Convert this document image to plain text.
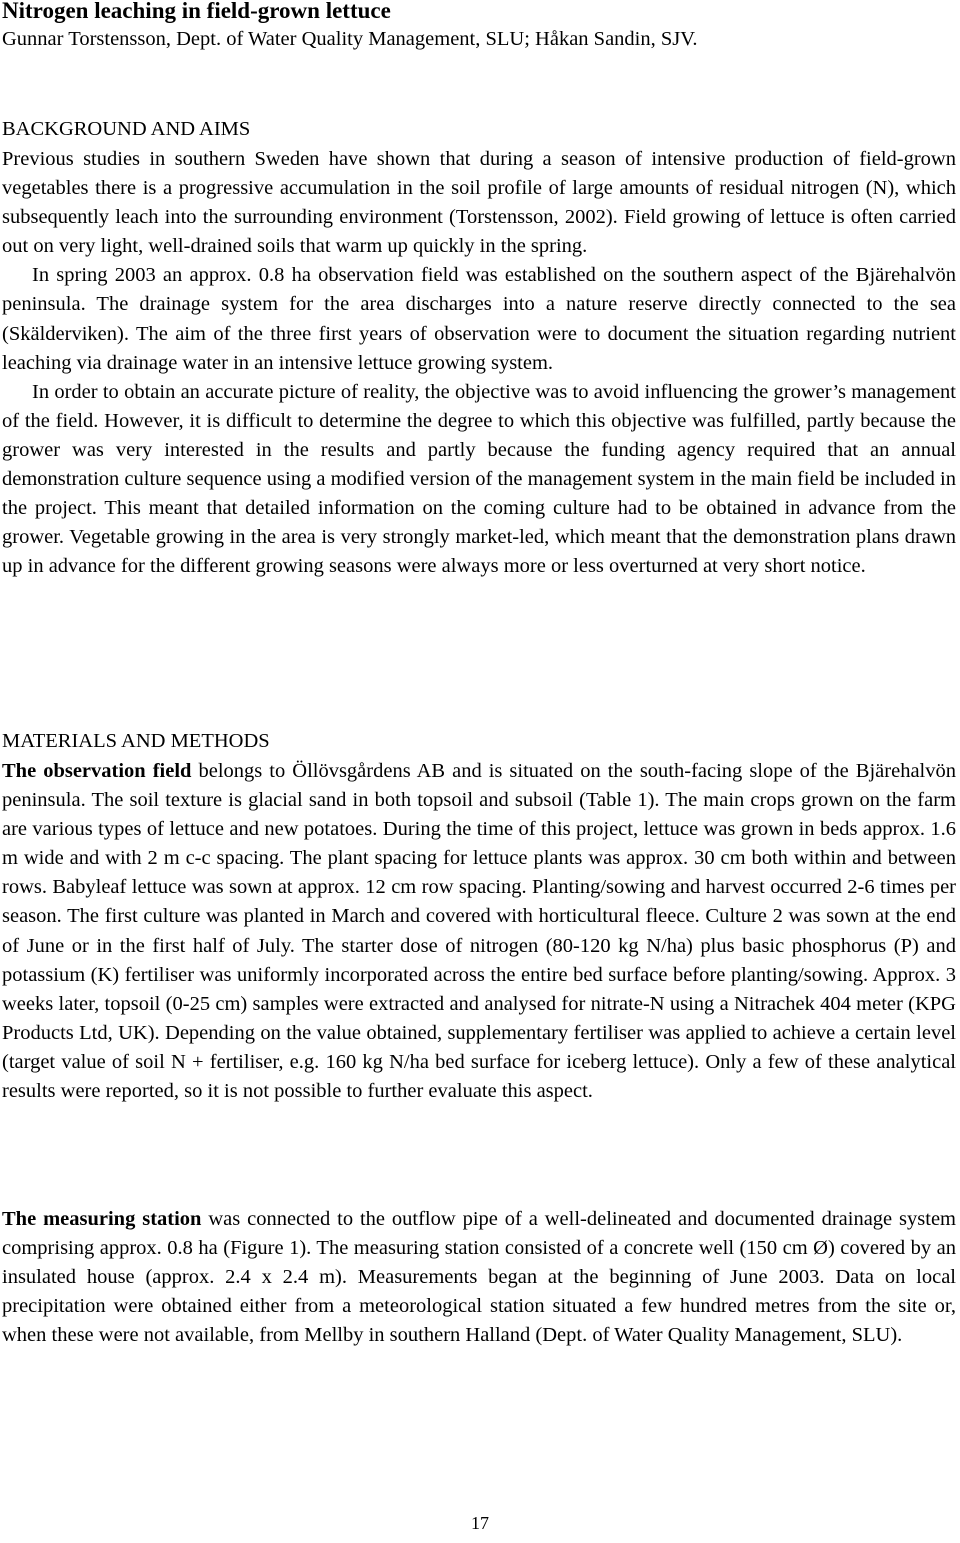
Nitrogen leaching in field-grown lettuce
Gunnar Torstensson, Dept. of Water Quality Management, SLU; Håkan Sandin, SJV.
BACKGROUND AND AIMS

Previous studies in southern Sweden have shown that during a season of intensive production of field-grown vegetables there is a progressive accumulation in the soil profile of large amounts of residual nitrogen (N), which subsequently leach into the surrounding environment (Torstensson, 2002). Field growing of lettuce is often carried out on very light, well-drained soils that warm up quickly in the spring.

In spring 2003 an approx. 0.8 ha observation field was established on the southern aspect of the Bjärehalvön peninsula. The drainage system for the area discharges into a nature reserve directly connected to the sea (Skälderviken). The aim of the three first years of observation were to document the situation regarding nutrient leaching via drainage water in an intensive lettuce growing system.

In order to obtain an accurate picture of reality, the objective was to avoid influencing the grower’s management of the field. However, it is difficult to determine the degree to which this objective was fulfilled, partly because the grower was very interested in the results and partly because the funding agency required that an annual demonstration culture sequence using a modified version of the management system in the main field be included in the project. This meant that detailed information on the coming culture had to be obtained in advance from the grower. Vegetable growing in the area is very strongly market-led, which meant that the demonstration plans drawn up in advance for the different growing seasons were always more or less overturned at very short notice.

MATERIALS AND METHODS

The observation field belongs to Öllövsgårdens AB and is situated on the south-facing slope of the Bjärehalvön peninsula. The soil texture is glacial sand in both topsoil and subsoil (Table 1). The main crops grown on the farm are various types of lettuce and new potatoes. During the time of this project, lettuce was grown in beds approx. 1.6 m wide and with 2 m c-c spacing. The plant spacing for lettuce plants was approx. 30 cm both within and between rows. Babyleaf lettuce was sown at approx. 12 cm row spacing. Planting/sowing and harvest occurred 2-6 times per season. The first culture was planted in March and covered with horticultural fleece. Culture 2 was sown at the end of June or in the first half of July. The starter dose of nitrogen (80-120 kg N/ha) plus basic phosphorus (P) and potassium (K) fertiliser was uniformly incorporated across the entire bed surface before planting/sowing. Approx. 3 weeks later, topsoil (0-25 cm) samples were extracted and analysed for nitrate-N using a Nitrachek 404 meter (KPG Products Ltd, UK). Depending on the value obtained, supplementary fertiliser was applied to achieve a certain level (target value of soil N + fertiliser, e.g. 160 kg N/ha bed surface for iceberg lettuce). Only a few of these analytical results were reported, so it is not possible to further evaluate this aspect.

The measuring station was connected to the outflow pipe of a well-delineated and documented drainage system comprising approx. 0.8 ha (Figure 1). The measuring station consisted of a concrete well (150 cm Ø) covered by an insulated house (approx. 2.4 x 2.4 m). Measurements began at the beginning of June 2003. Data on local precipitation were obtained either from a meteorological station situated a few hundred metres from the site or, when these were not available, from Mellby in southern Halland (Dept. of Water Quality Management, SLU).

17
